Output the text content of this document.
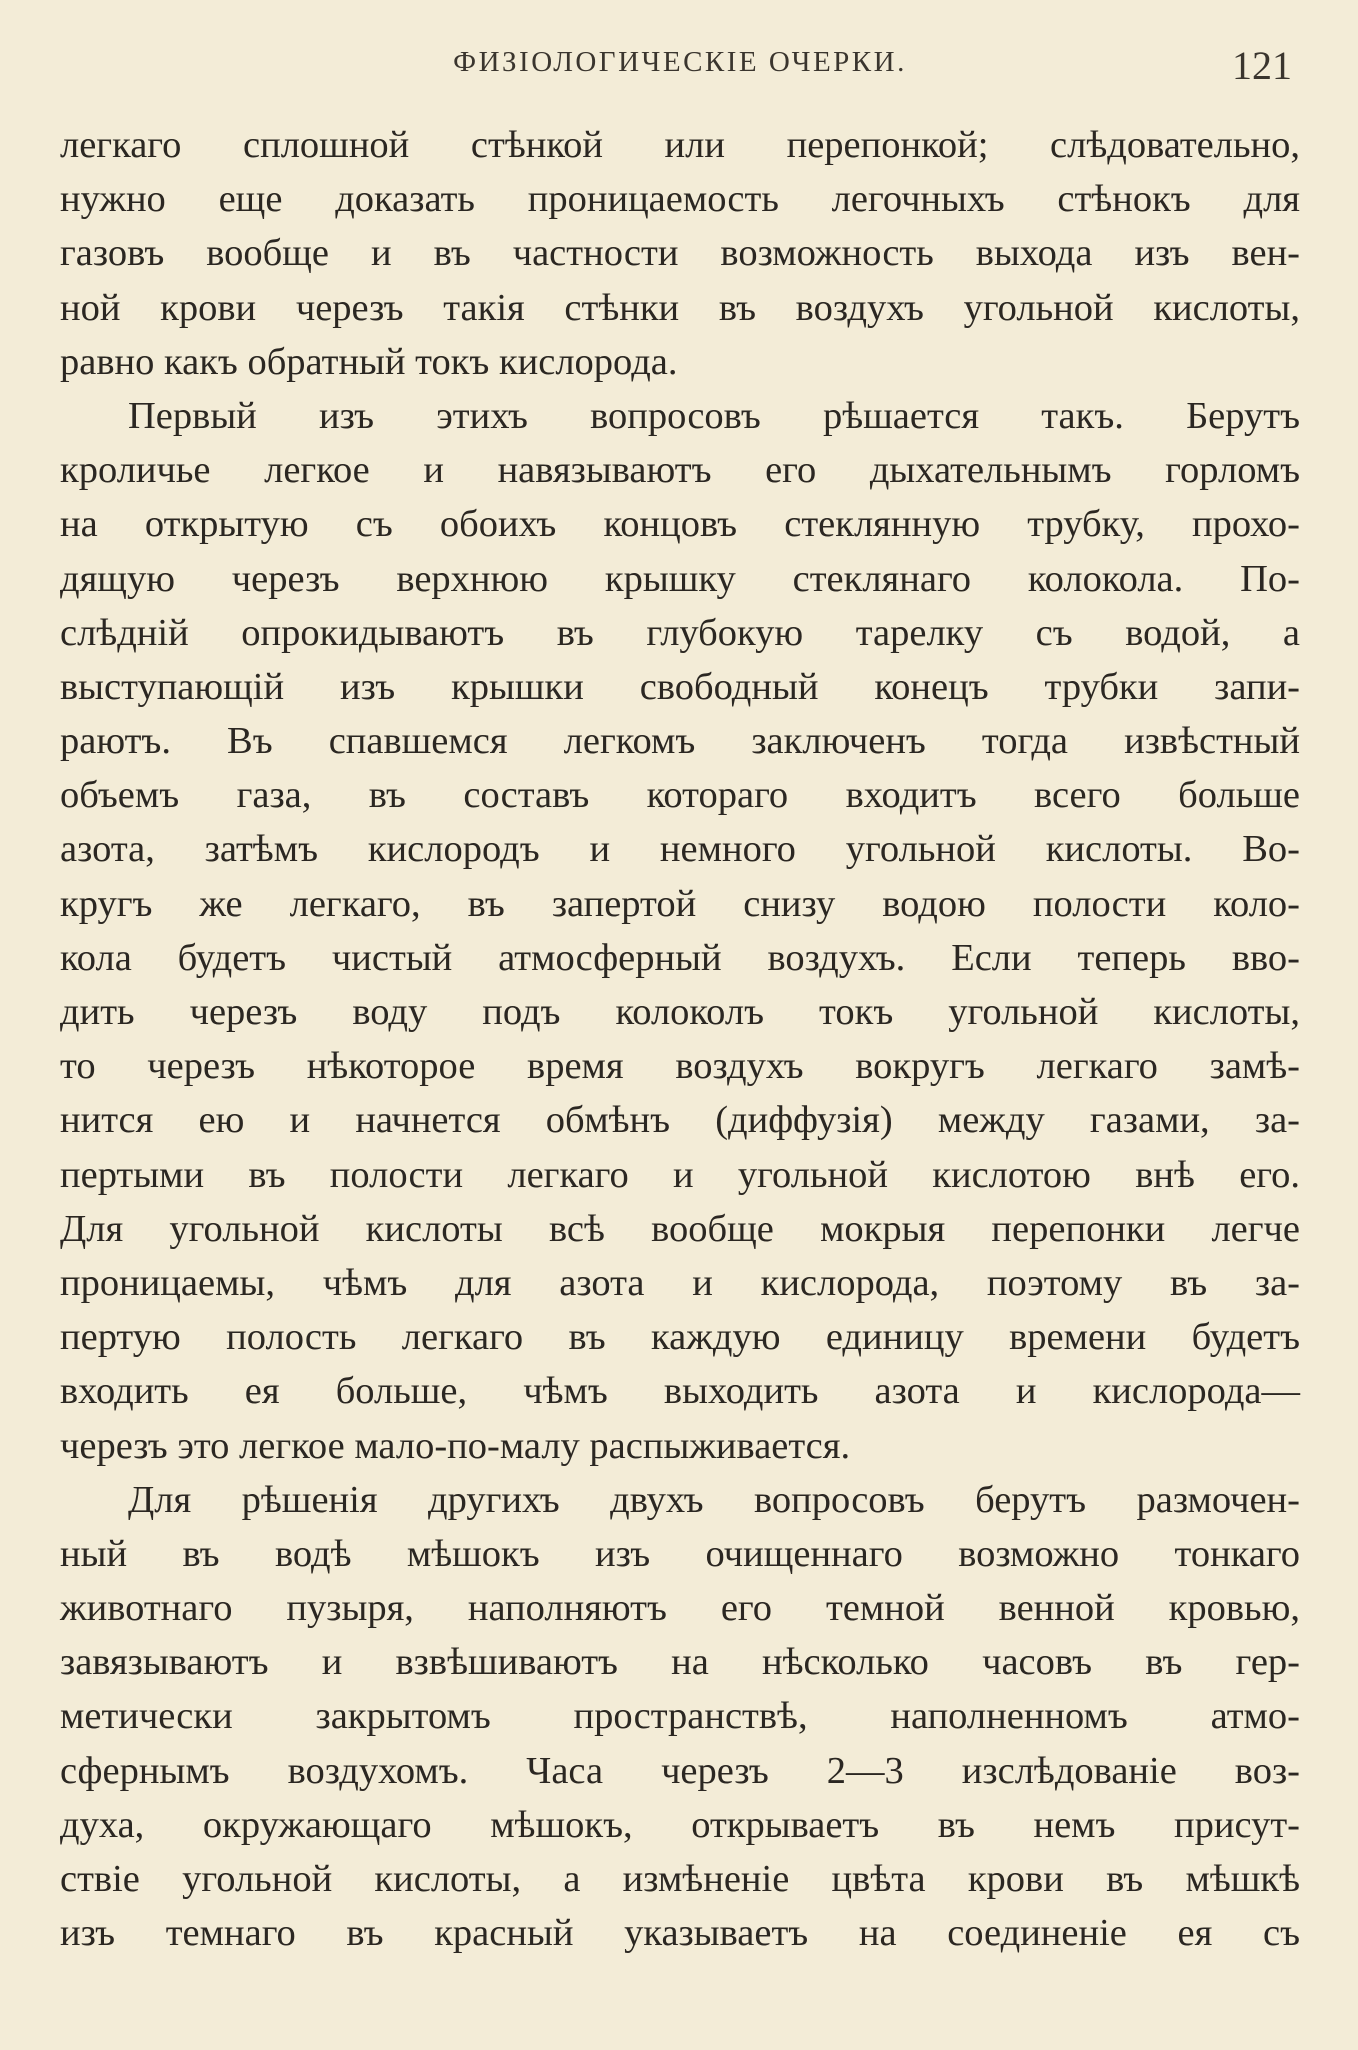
ФИЗIОЛОГИЧЕСКIЕ ОЧЕРКИ.	121
легкаго сплошной стѣнкой или перепонкой; слѣдовательно,
нужно еще доказать проницаемость легочныхъ стѣнокъ для
газовъ вообще и въ частности возможность выхода изъ вен-
ной крови черезъ такiя стѣнки въ воздухъ угольной кислоты,
равно какъ обратный токъ кислорода.
Первый изъ этихъ вопросовъ рѣшается такъ. Берутъ
кроличье легкое и навязываютъ его дыхательнымъ горломъ
на открытую съ обоихъ концовъ стеклянную трубку, прохо-
дящую черезъ верхнюю крышку стеклянаго колокола. По-
слѣднiй опрокидываютъ въ глубокую тарелку съ водой, а
выступающiй изъ крышки свободный конецъ трубки запи-
раютъ. Въ спавшемся легкомъ заключенъ тогда извѣстный
объемъ газа, въ составъ котораго входитъ всего больше
азота, затѣмъ кислородъ и немного угольной кислоты. Во-
кругъ же легкаго, въ запертой снизу водою полости коло-
кола будетъ чистый атмосферный воздухъ. Если теперь вво-
дить черезъ воду подъ колоколъ токъ угольной кислоты,
то черезъ нѣкоторое время воздухъ вокругъ легкаго замѣ-
нится ею и начнется обмѣнъ (диффузiя) между газами, за-
пертыми въ полости легкаго и угольной кислотою внѣ его.
Для угольной кислоты всѣ вообще мокрыя перепонки легче
проницаемы, чѣмъ для азота и кислорода, поэтому въ за-
пертую полость легкаго въ каждую единицу времени будетъ
входить ея больше, чѣмъ выходить азота и кислорода—
черезъ это легкое мало-по-малу распыживается.
Для рѣшенiя другихъ двухъ вопросовъ берутъ размочен-
ный въ водѣ мѣшокъ изъ очищеннаго возможно тонкаго
животнаго пузыря, наполняютъ его темной венной кровью,
завязываютъ и взвѣшиваютъ на нѣсколько часовъ въ гер-
метически закрытомъ пространствѣ, наполненномъ атмо-
сфернымъ воздухомъ. Часа черезъ 2—3 изслѣдованiе воз-
духа, окружающаго мѣшокъ, открываетъ въ немъ присут-
ствiе угольной кислоты, а измѣненiе цвѣта крови въ мѣшкѣ
изъ темнаго въ красный указываетъ на соединенiе ея съ
